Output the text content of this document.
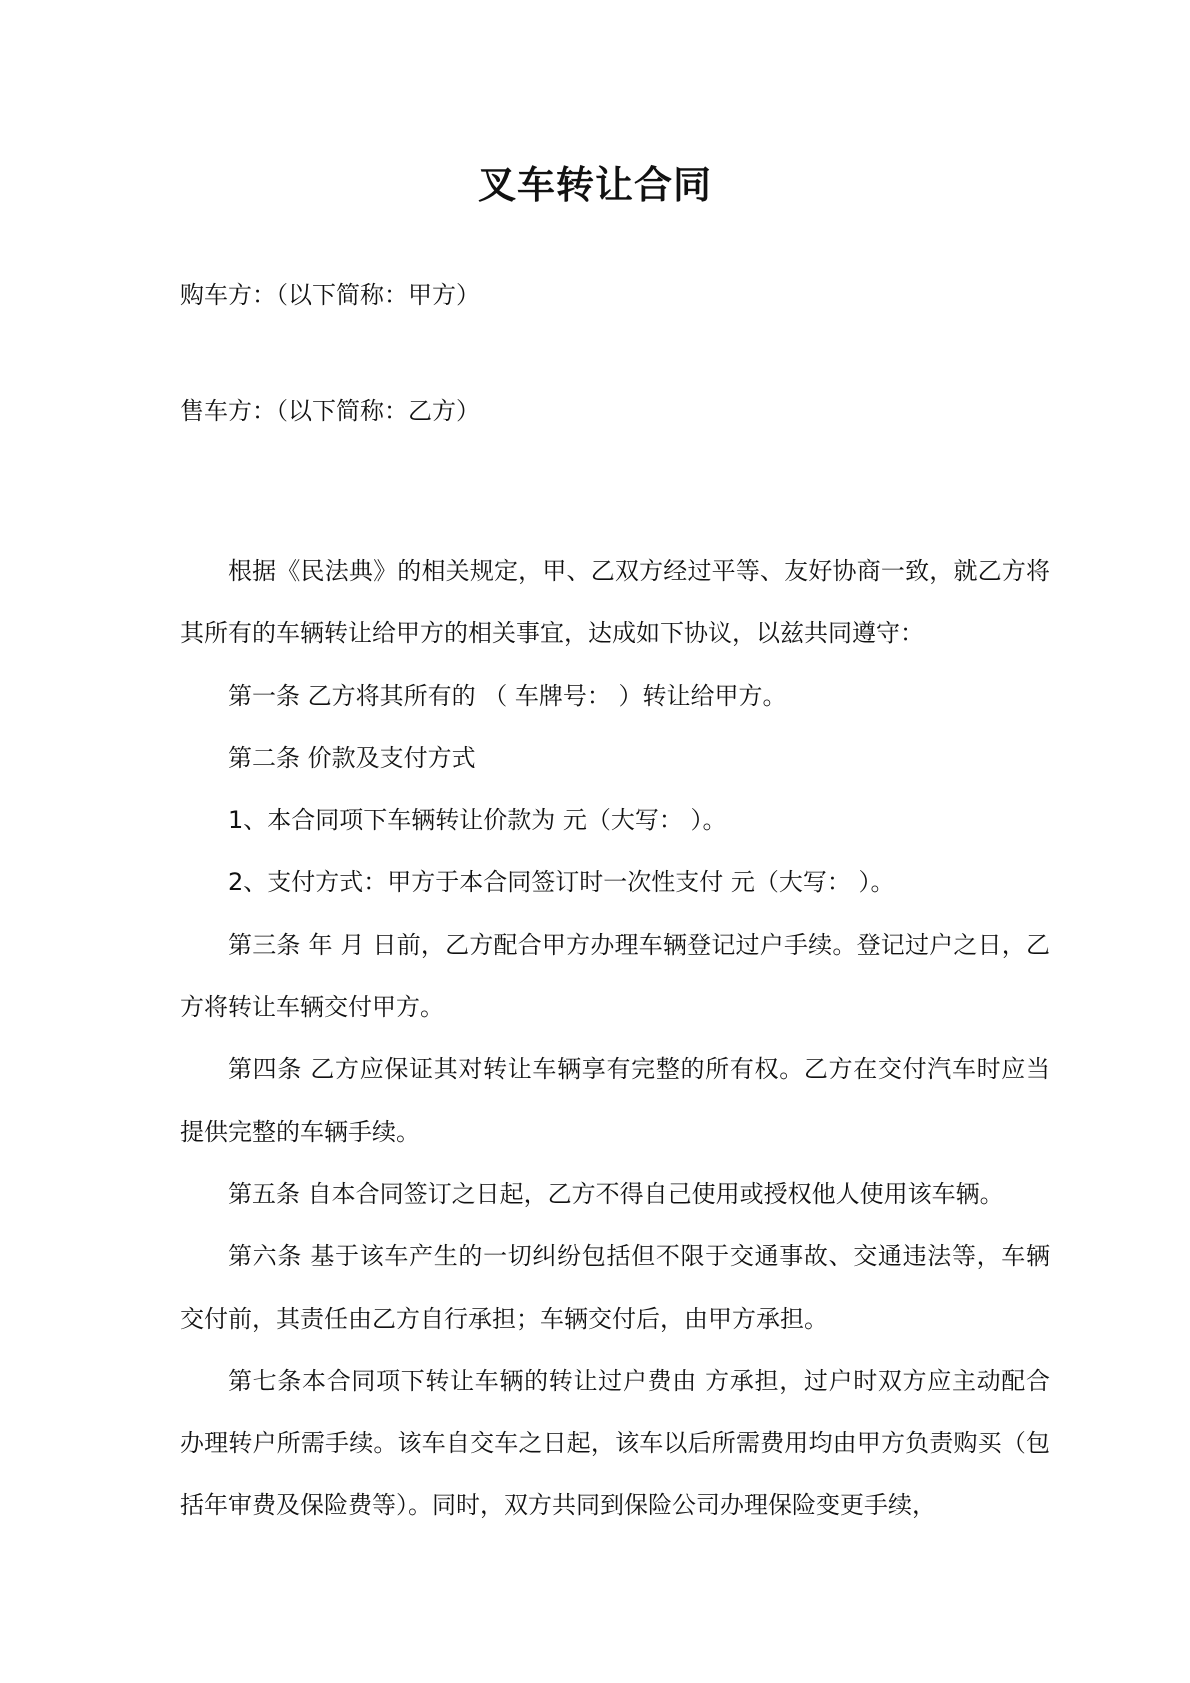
叉车转让合同
购车方：（以下简称：甲方）
售车方：（以下简称：乙方）

根据《民法典》的相关规定，甲、乙双方经过平等、友好协商一致，就乙方将其所有的车辆转让给甲方的相关事宜，达成如下协议，以兹共同遵守：

第一条 乙方将其所有的 （ 车牌号： ）转让给甲方。

第二条 价款及支付方式

1、本合同项下车辆转让价款为 元（大写： ）。

2、支付方式：甲方于本合同签订时一次性支付 元（大写： ）。

第三条 年 月 日前，乙方配合甲方办理车辆登记过户手续。登记过户之日，乙方将转让车辆交付甲方。

第四条 乙方应保证其对转让车辆享有完整的所有权。乙方在交付汽车时应当提供完整的车辆手续。

第五条 自本合同签订之日起，乙方不得自己使用或授权他人使用该车辆。

第六条 基于该车产生的一切纠纷包括但不限于交通事故、交通违法等，车辆交付前，其责任由乙方自行承担；车辆交付后，由甲方承担。

第七条本合同项下转让车辆的转让过户费由 方承担，过户时双方应主动配合办理转户所需手续。该车自交车之日起，该车以后所需费用均由甲方负责购买（包括年审费及保险费等）。同时，双方共同到保险公司办理保险变更手续，
